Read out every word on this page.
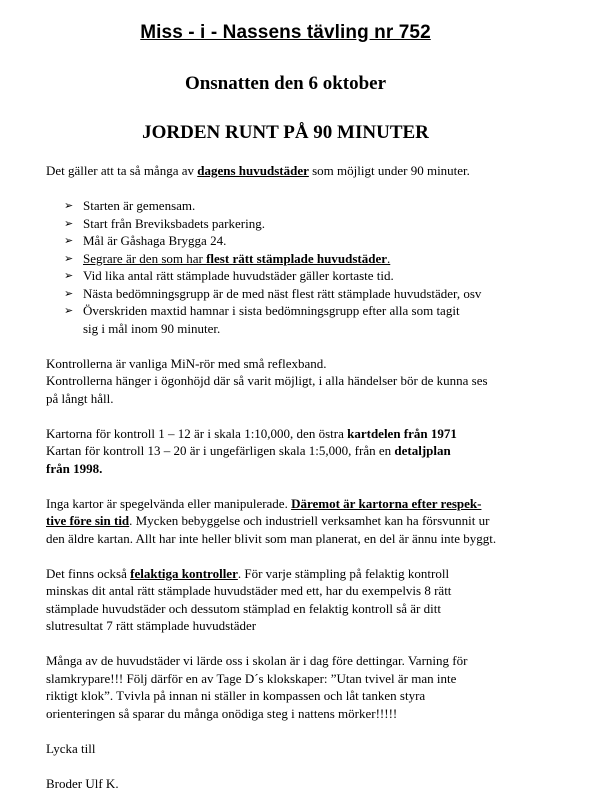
Miss - i - Nassens tävling nr 752
Onsnatten den 6 oktober
JORDEN RUNT PÅ 90 MINUTER
Det gäller att ta så många av dagens huvudstäder som möjligt under 90 minuter.
➢ Starten är gemensam.
➢ Start från Breviksbadets parkering.
➢ Mål är Gåshaga Brygga 24.
➢ Segrare är den som har flest rätt stämplade huvudstäder.
➢ Vid lika antal rätt stämplade huvudstäder gäller kortaste tid.
➢ Nästa bedömningsgrupp är de med näst flest rätt stämplade huvudstäder, osv
➢ Överskriden maxtid hamnar i sista bedömningsgrupp efter alla som tagit
sig i mål inom 90 minuter.
Kontrollerna är vanliga MiN-rör med små reflexband.
Kontrollerna hänger i ögonhöjd där så varit möjligt, i alla händelser bör de kunna ses
på långt håll.
Kartorna för kontroll 1 – 12 är i skala 1:10,000, den östra kartdelen från 1971
Kartan för kontroll 13 – 20 är i ungefärligen skala 1:5,000, från en detaljplan
från 1998.
Inga kartor är spegelvända eller manipulerade. Däremot är kartorna efter respek-
tive före sin tid. Mycken bebyggelse och industriell verksamhet kan ha försvunnit ur
den äldre kartan. Allt har inte heller blivit som man planerat, en del är ännu inte byggt.
Det finns också felaktiga kontroller. För varje stämpling på felaktig kontroll
minskas dit antal rätt stämplade huvudstäder med ett, har du exempelvis 8 rätt
stämplade huvudstäder och dessutom stämplad en felaktig kontroll så är ditt
slutresultat 7 rätt stämplade huvudstäder
Många av de huvudstäder vi lärde oss i skolan är i dag före dettingar. Varning för
slamkrypare!!! Följ därför en av Tage D´s klokskaper: ”Utan tvivel är man inte
riktigt klok”. Tvivla på innan ni ställer in kompassen och låt tanken styra
orienteringen så sparar du många onödiga steg i nattens mörker!!!!!
Lycka till
Broder Ulf K.
